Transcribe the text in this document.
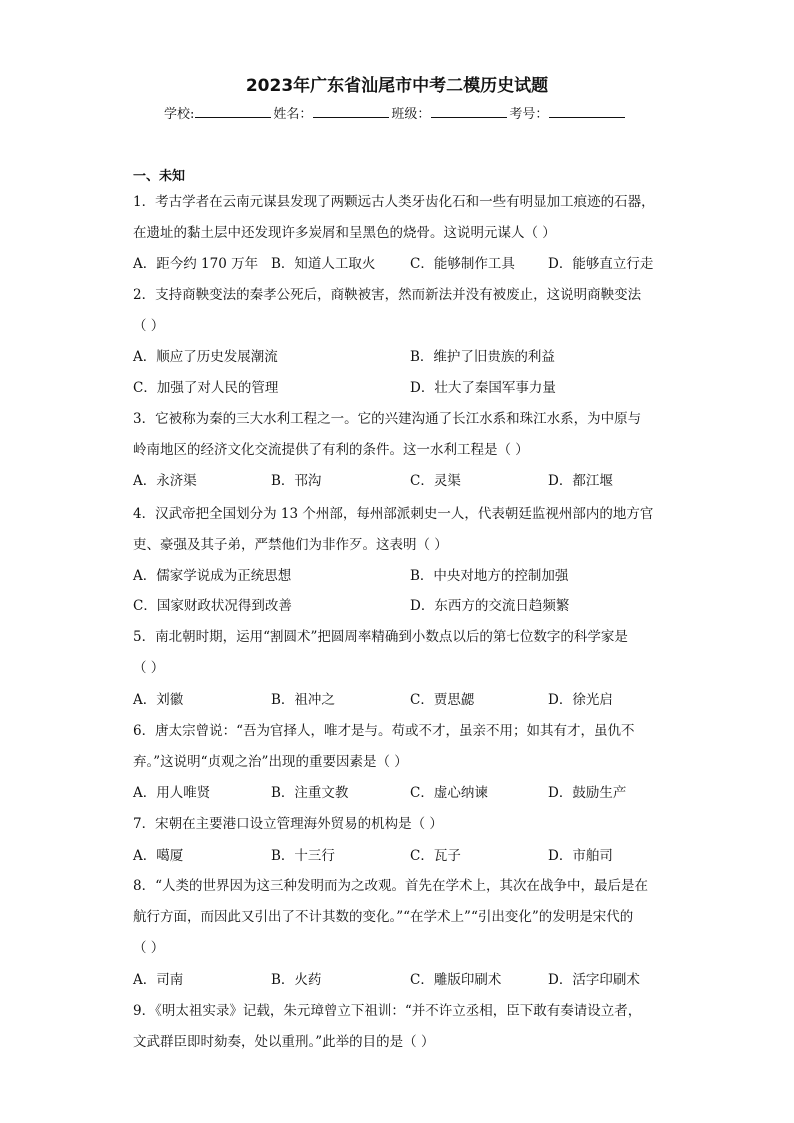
2023年广东省汕尾市中考二模历史试题
学校:	姓名：	班级：	考号：
一、未知
1．考古学者在云南元谋县发现了两颗远古人类牙齿化石和一些有明显加工痕迹的石器，
在遗址的黏土层中还发现许多炭屑和呈黑色的烧骨。这说明元谋人（ ）
A．距今约 170 万年 B．知道人工取火	C．能够制作工具 D．能够直立行走
2．支持商鞅变法的秦孝公死后，商鞅被害，然而新法并没有被废止，这说明商鞅变法
（ ）
A．顺应了历史发展潮流	B．维护了旧贵族的利益
C．加强了对人民的管理	D．壮大了秦国军事力量
3．它被称为秦的三大水利工程之一。它的兴建沟通了长江水系和珠江水系，为中原与
岭南地区的经济文化交流提供了有利的条件。这一水利工程是（ ）
A．永济渠	B．邗沟	C．灵渠	D．都江堰
4．汉武帝把全国划分为 13 个州部，每州部派刺史一人，代表朝廷监视州部内的地方官
吏、豪强及其子弟，严禁他们为非作歹。这表明（ ）
A．儒家学说成为正统思想	B．中央对地方的控制加强
C．国家财政状况得到改善	D．东西方的交流日趋频繁
5．南北朝时期，运用“割圆术”把圆周率精确到小数点以后的第七位数字的科学家是
（ ）
A．刘徽	B．祖冲之	C．贾思勰	D．徐光启
6．唐太宗曾说：“吾为官择人，唯才是与。苟或不才，虽亲不用；如其有才，虽仇不
弃。”这说明“贞观之治”出现的重要因素是（ ）
A．用人唯贤	B．注重文教	C．虚心纳谏	D．鼓励生产
7．宋朝在主要港口设立管理海外贸易的机构是（ ）
A．噶厦	B．十三行	C．瓦子	D．市舶司
8．“人类的世界因为这三种发明而为之改观。首先在学术上，其次在战争中，最后是在
航行方面，而因此又引出了不计其数的变化。”“在学术上”“引出变化”的发明是宋代的
（ ）
A．司南	B．火药	C．雕版印刷术	D．活字印刷术
9．《明太祖实录》记载，朱元璋曾立下祖训：“并不许立丞相，臣下敢有奏请设立者，
文武群臣即时劾奏，处以重刑。”此举的目的是（ ）
